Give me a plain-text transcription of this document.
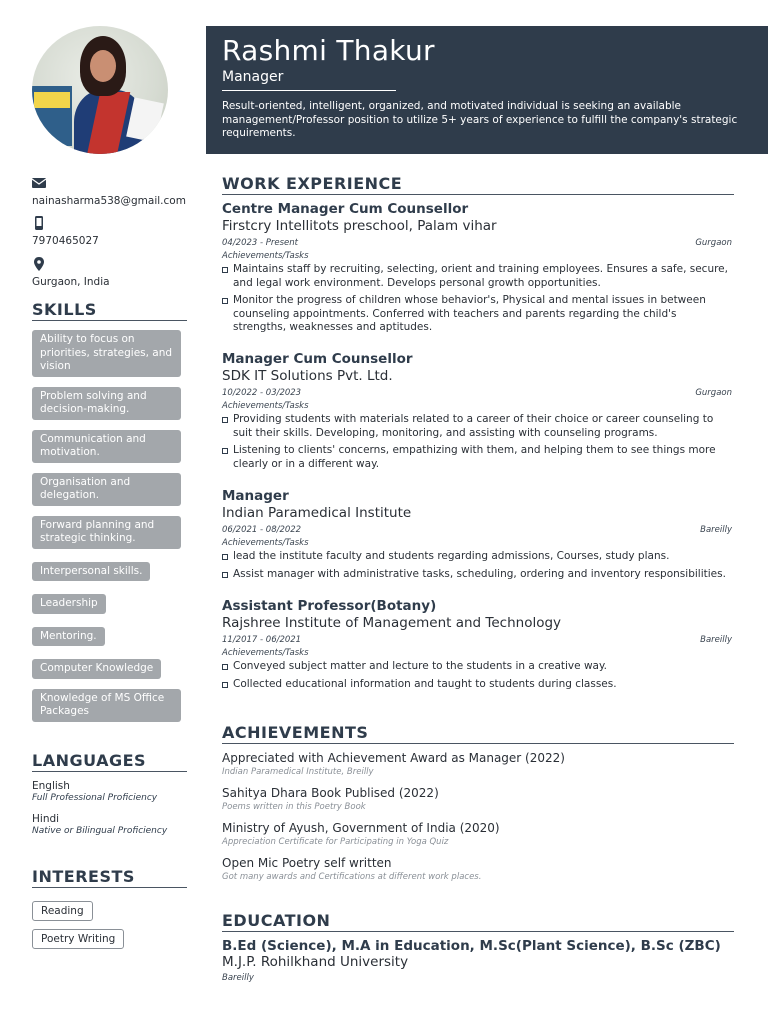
nainasharma538@gmail.com
7970465027
Gurgaon, India
SKILLS
Ability to focus on priorities, strategies, and vision
Problem solving and decision-making.
Communication and motivation.
Organisation and delegation.
Forward planning and strategic thinking.
Interpersonal skills.
Leadership
Mentoring.
Computer Knowledge
Knowledge of MS Office Packages
LANGUAGES
English
Full Professional Proficiency
Hindi
Native or Bilingual Proficiency
INTERESTS
Reading
Poetry Writing
Rashmi Thakur
Manager
Result-oriented, intelligent, organized, and motivated individual is seeking an available management/Professor position to utilize 5+ years of experience to fulfill the company's strategic requirements.
WORK EXPERIENCE
Centre Manager Cum Counsellor
Firstcry Intellitots preschool, Palam vihar
04/2023 - Present	Gurgaon
Achievements/Tasks
Maintains staff by recruiting, selecting, orient and training employees. Ensures a safe, secure, and legal work environment. Develops personal growth opportunities.
Monitor the progress of children whose behavior's, Physical and mental issues in between counseling appointments. Conferred with teachers and parents regarding the child's strengths, weaknesses and aptitudes.
Manager Cum Counsellor
SDK IT Solutions Pvt. Ltd.
10/2022 - 03/2023	Gurgaon
Achievements/Tasks
Providing students with materials related to a career of their choice or career counseling to suit their skills. Developing, monitoring, and assisting with counseling programs.
Listening to clients' concerns, empathizing with them, and helping them to see things more clearly or in a different way.
Manager
Indian Paramedical Institute
06/2021 - 08/2022	Bareilly
Achievements/Tasks
lead the institute faculty and students regarding admissions, Courses, study plans.
Assist manager with administrative tasks, scheduling, ordering and inventory responsibilities.
Assistant Professor(Botany)
Rajshree Institute of Management and Technology
11/2017 - 06/2021	Bareilly
Achievements/Tasks
Conveyed subject matter and lecture to the students in a creative way.
Collected educational information and taught to students during classes.
ACHIEVEMENTS
Appreciated with Achievement Award as Manager (2022)
Indian Paramedical Institute, Breilly
Sahitya Dhara Book Publised (2022)
Poems written in this Poetry Book
Ministry of Ayush, Government of India (2020)
Appreciation Certificate for Participating in Yoga Quiz
Open Mic Poetry self written
Got many awards and Certifications at different work places.
EDUCATION
B.Ed (Science), M.A in Education, M.Sc(Plant Science), B.Sc (ZBC)
M.J.P. Rohilkhand University
Bareilly
